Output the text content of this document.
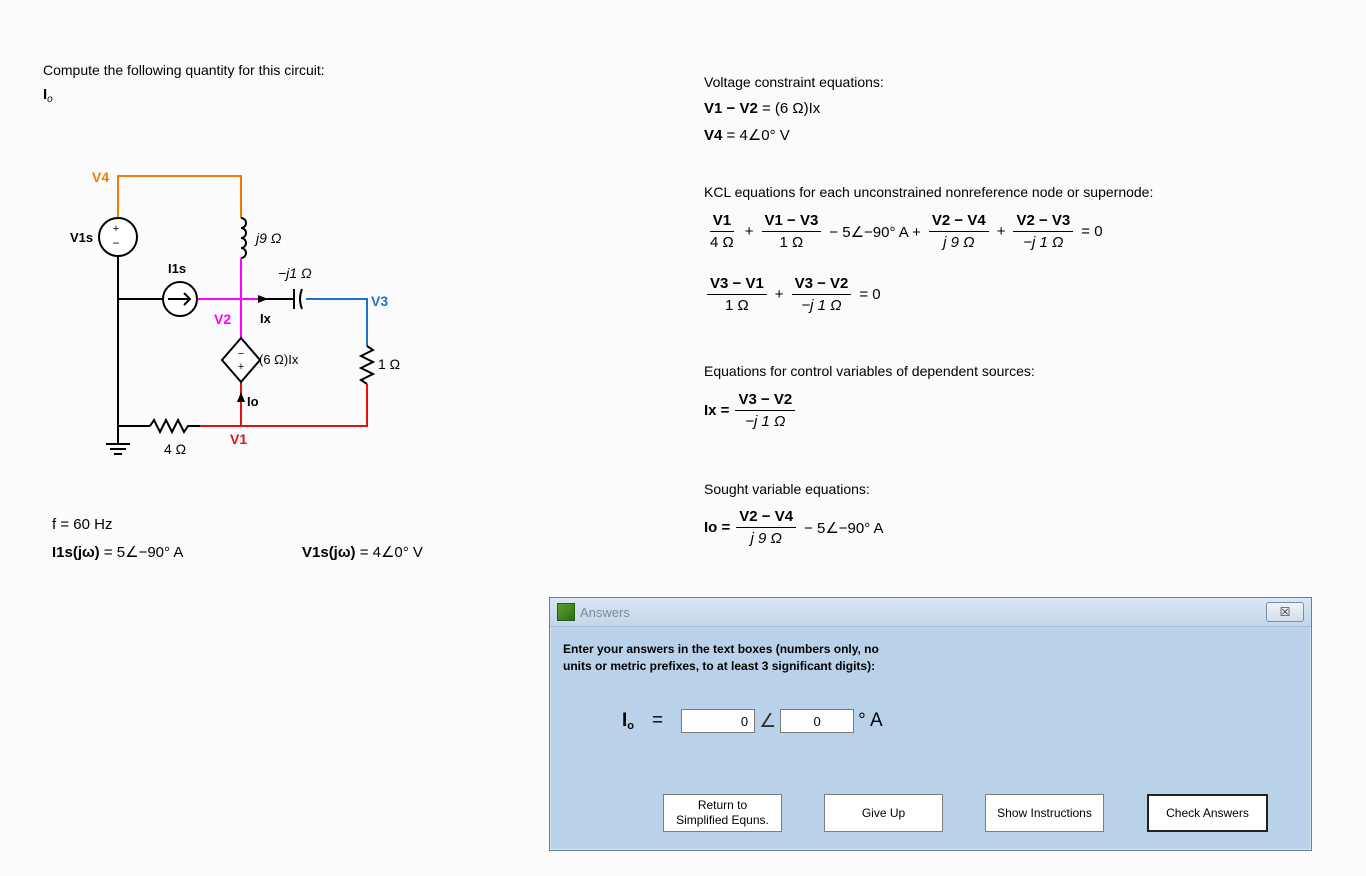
Compute the following quantity for this circuit:
$I_o$
+
−
−
+
V4
V1s	j9 Ω
I1s	−j1 Ω
V3
V2 Ix
(6 Ω)Ix	1 Ω
Io
V1
4 Ω
f = 60 Hz
I1s(jω) = 5∠−90° A	V1s(jω) = 4∠0° V
Voltage constraint equations:
V1 − V2 = (6 Ω)Ix
V4 = 4∠0° V
KCL equations for each unconstrained nonreference node or supernode:
$\frac{V1}{4 \Omega} + \frac{V1 - V3}{1 \Omega}$ − 5∠−90° $A + \frac{V2 - V4}{j 9 \Omega} + \frac{V2 - V3}{-j 1 \Omega} = 0$
$\frac{V3 - V1}{1 \Omega} + \frac{V3 - V2}{-j 1 \Omega} = 0$
Equations for control variables of dependent sources:
$Ix = \frac{V3 - V2}{-j 1 \Omega}$
Sought variable equations:
$Io = \frac{V2 - V4}{j 9 \Omega}$ − 5∠−90° A
Answers	☒
Enter your answers in the text boxes (numbers only, no
units or metric prefixes, to at least 3 significant digits):
$I_o$ =
0	∠
0	° A
Return to
Simplified Equns.	Give Up	Show Instructions	Check Answers
